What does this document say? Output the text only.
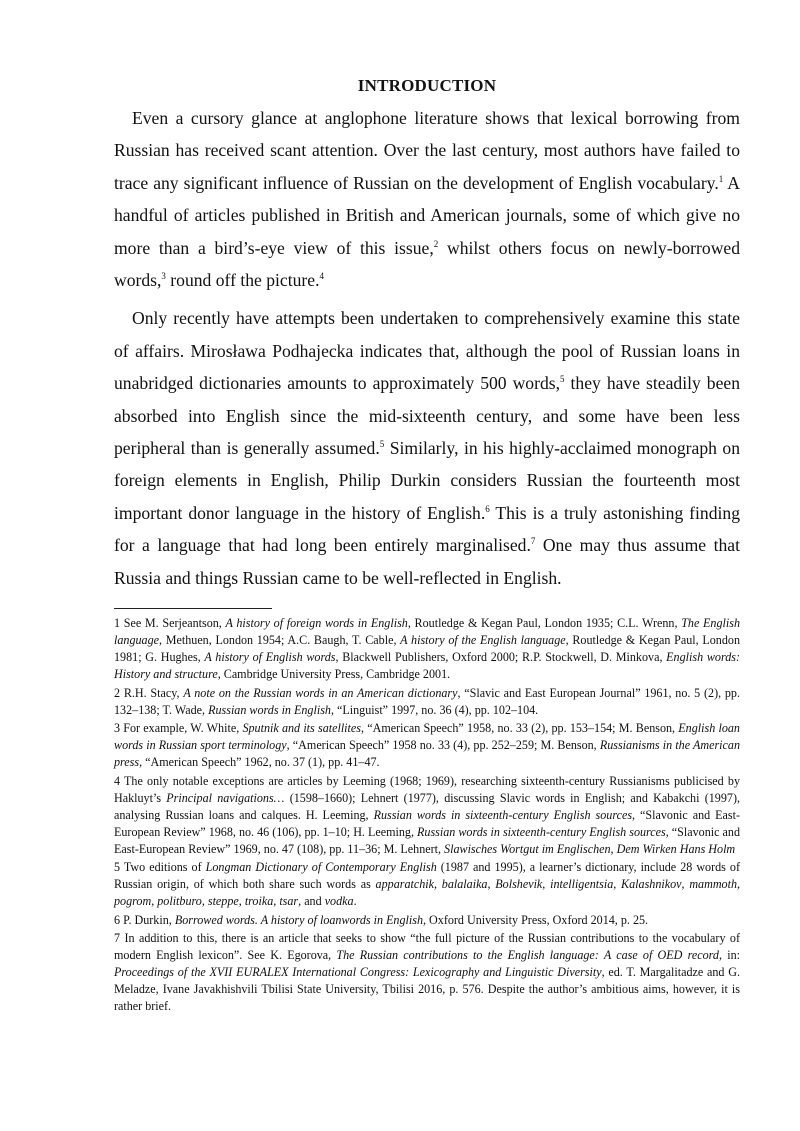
INTRODUCTION

Even a cursory glance at anglophone literature shows that lexical borrowing from Russian has received scant attention. Over the last century, most authors have failed to trace any significant influence of Russian on the development of English vocabulary.$^1$ A handful of articles published in British and American journals, some of which give no more than a bird’s-eye view of this issue,$^2$ whilst others focus on newly-borrowed words,$^3$ round off the picture.$^4$

Only recently have attempts been undertaken to comprehensively examine this state of affairs. Mirosława Podhajecka indicates that, although the pool of Russian loans in unabridged dictionaries amounts to approximately 500 words,$^5$ they have steadily been absorbed into English since the mid-sixteenth century, and some have been less peripheral than is generally assumed.$^5$ Similarly, in his highly-acclaimed monograph on foreign elements in English, Philip Durkin considers Russian the fourteenth most important donor language in the history of English.$^6$ This is a truly astonishing finding for a language that had long been entirely marginalised.$^7$ One may thus assume that Russia and things Russian came to be well-reflected in English.

1 See M. Serjeantson, A history of foreign words in English, Routledge & Kegan Paul, London 1935; C.L. Wrenn, The English language, Methuen, London 1954; A.C. Baugh, T. Cable, A history of the English language, Routledge & Kegan Paul, London 1981; G. Hughes, A history of English words, Blackwell Publishers, Oxford 2000; R.P. Stockwell, D. Minkova, English words: History and structure, Cambridge University Press, Cambridge 2001.

2 R.H. Stacy, A note on the Russian words in an American dictionary, “Slavic and East European Journal” 1961, no. 5 (2), pp. 132–138; T. Wade, Russian words in English, “Linguist” 1997, no. 36 (4), pp. 102–104.

3 For example, W. White, Sputnik and its satellites, “American Speech” 1958, no. 33 (2), pp. 153–154; M. Benson, English loan words in Russian sport terminology, “American Speech” 1958 no. 33 (4), pp. 252–259; M. Benson, Russianisms in the American press, “American Speech” 1962, no. 37 (1), pp. 41–47.

4 The only notable exceptions are articles by Leeming (1968; 1969), researching sixteenth-century Russianisms publicised by Hakluyt’s Principal navigations… (1598–1660); Lehnert (1977), discussing Slavic words in English; and Kabakchi (1997), analysing Russian loans and calques. H. Leeming, Russian words in sixteenth-century English sources, “Slavonic and East-European Review” 1968, no. 46 (106), pp. 1–10; H. Leeming, Russian words in sixteenth-century English sources, “Slavonic and East-European Review” 1969, no. 47 (108), pp. 11–36; M. Lehnert, Slawisches Wortgut im Englischen, Dem Wirken Hans Holm

5 Two editions of Longman Dictionary of Contemporary English (1987 and 1995), a learner’s dictionary, include 28 words of Russian origin, of which both share such words as apparatchik, balalaika, Bolshevik, intelligentsia, Kalashnikov, mammoth, pogrom, politburo, steppe, troika, tsar, and vodka.

6 P. Durkin, Borrowed words. A history of loanwords in English, Oxford University Press, Oxford 2014, p. 25.

7 In addition to this, there is an article that seeks to show “the full picture of the Russian contributions to the vocabulary of modern English lexicon”. See K. Egorova, The Russian contributions to the English language: A case of OED record, in: Proceedings of the XVII EURALEX International Congress: Lexicography and Linguistic Diversity, ed. T. Margalitadze and G. Meladze, Ivane Javakhishvili Tbilisi State University, Tbilisi 2016, p. 576. Despite the author’s ambitious aims, however, it is rather brief.
